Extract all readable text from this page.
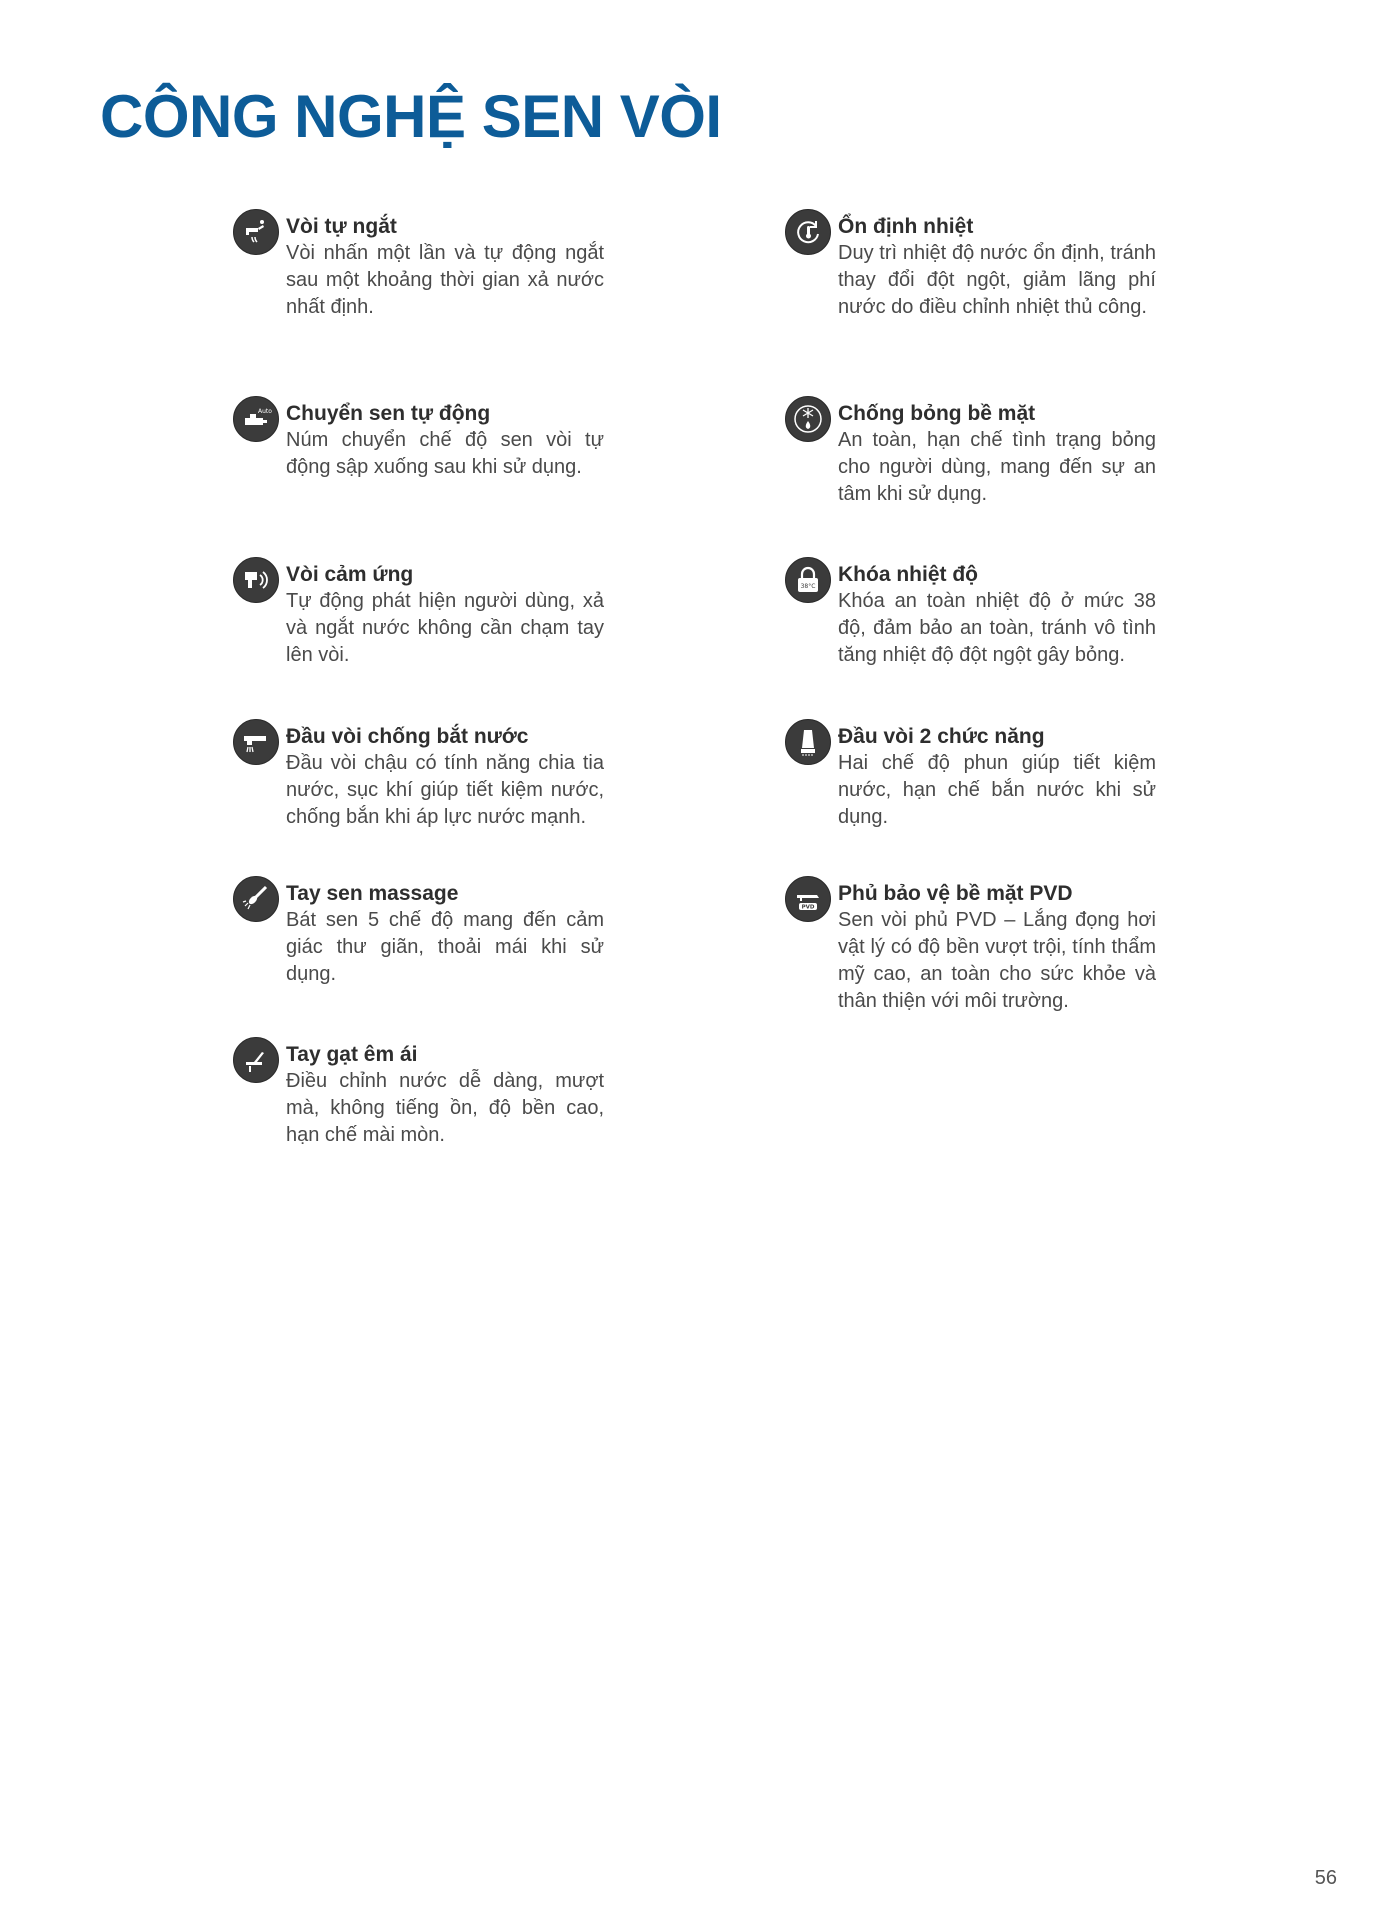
CÔNG NGHỆ SEN VÒI

Vòi tự ngắt

Vòi nhấn một lần và tự động ngắt sau một khoảng thời gian xả nước nhất định.

Auto Chuyển sen tự động

Núm chuyển chế độ sen vòi tự động sập xuống sau khi sử dụng.

Vòi cảm ứng

Tự động phát hiện người dùng, xả và ngắt nước không cần chạm tay lên vòi.

Đầu vòi chống bắt nước

Đầu vòi chậu có tính năng chia tia nước, sục khí giúp tiết kiệm nước, chống bắn khi áp lực nước mạnh.

Tay sen massage

Bát sen 5 chế độ mang đến cảm giác thư giãn, thoải mái khi sử dụng.

Tay gạt êm ái

Điều chỉnh nước dễ dàng, mượt mà, không tiếng ồn, độ bền cao, hạn chế mài mòn.

Ổn định nhiệt

Duy trì nhiệt độ nước ổn định, tránh thay đổi đột ngột, giảm lãng phí nước do điều chỉnh nhiệt thủ công.

Chống bỏng bề mặt

An toàn, hạn chế tình trạng bỏng cho người dùng, mang đến sự an tâm khi sử dụng.

38°C

Khóa nhiệt độ

Khóa an toàn nhiệt độ ở mức 38 độ, đảm bảo an toàn, tránh vô tình tăng nhiệt độ đột ngột gây bỏng.

Đầu vòi 2 chức năng

Hai chế độ phun giúp tiết kiệm nước, hạn chế bắn nước khi sử dụng.

PVD

Phủ bảo vệ bề mặt PVD

Sen vòi phủ PVD – Lắng đọng hơi vật lý có độ bền vượt trội, tính thẩm mỹ cao, an toàn cho sức khỏe và thân thiện với môi trường.

56
